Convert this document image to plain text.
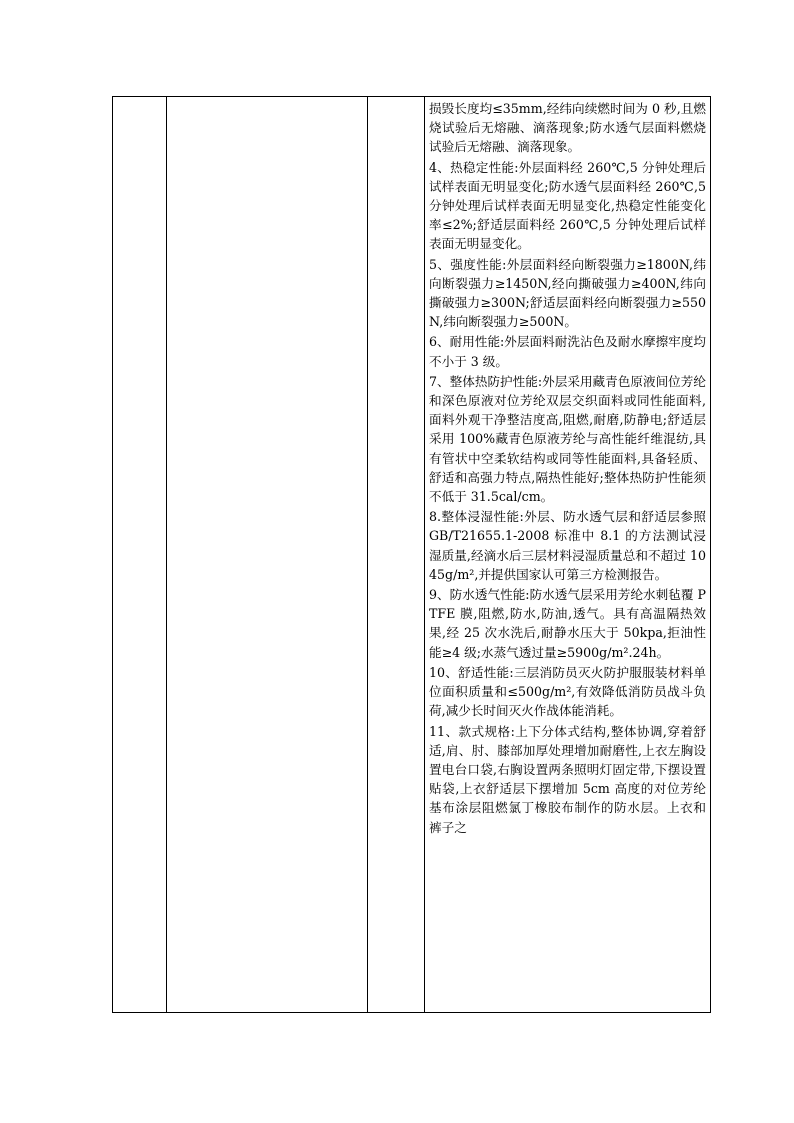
损毁长度均≤35mm,经纬向续燃时间为 0 秒,且燃烧试验后无熔融、滴落现象;防水透气层面料燃烧试验后无熔融、滴落现象。

4、热稳定性能:外层面料经 260℃,5 分钟处理后试样表面无明显变化;防水透气层面料经 260℃,5 分钟处理后试样表面无明显变化,热稳定性能变化率≤2%;舒适层面料经 260℃,5 分钟处理后试样表面无明显变化。

5、强度性能:外层面料经向断裂强力≥1800N,纬向断裂强力≥1450N,经向撕破强力≥400N,纬向撕破强力≥300N;舒适层面料经向断裂强力≥550N,纬向断裂强力≥500N。

6、耐用性能:外层面料耐洗沾色及耐水摩擦牢度均不小于 3 级。

7、整体热防护性能:外层采用藏青色原液间位芳纶和深色原液对位芳纶双层交织面料或同性能面料,面料外观干净整洁度高,阻燃,耐磨,防静电;舒适层采用 100%藏青色原液芳纶与高性能纤维混纺,具有管状中空柔软结构或同等性能面料,具备轻质、舒适和高强力特点,隔热性能好;整体热防护性能须不低于 31.5cal/cm。

8.整体浸湿性能:外层、防水透气层和舒适层参照 GB/T21655.1-2008 标准中 8.1 的方法测试浸湿质量,经滴水后三层材料浸湿质量总和不超过 1045g/m²,并提供国家认可第三方检测报告。

9、防水透气性能:防水透气层采用芳纶水刺毡覆 PTFE 膜,阻燃,防水,防油,透气。具有高温隔热效果,经 25 次水洗后,耐静水压大于 50kpa,拒油性能≥4 级;水蒸气透过量≥5900g/m².24h。

10、舒适性能:三层消防员灭火防护服服装材料单位面积质量和≤500g/m²,有效降低消防员战斗负荷,减少长时间灭火作战体能消耗。

11、款式规格:上下分体式结构,整体协调,穿着舒适,肩、肘、膝部加厚处理增加耐磨性,上衣左胸设置电台口袋,右胸设置两条照明灯固定带,下摆设置贴袋,上衣舒适层下摆增加 5cm 高度的对位芳纶基布涂层阻燃氯丁橡胶布制作的防水层。上衣和裤子之
